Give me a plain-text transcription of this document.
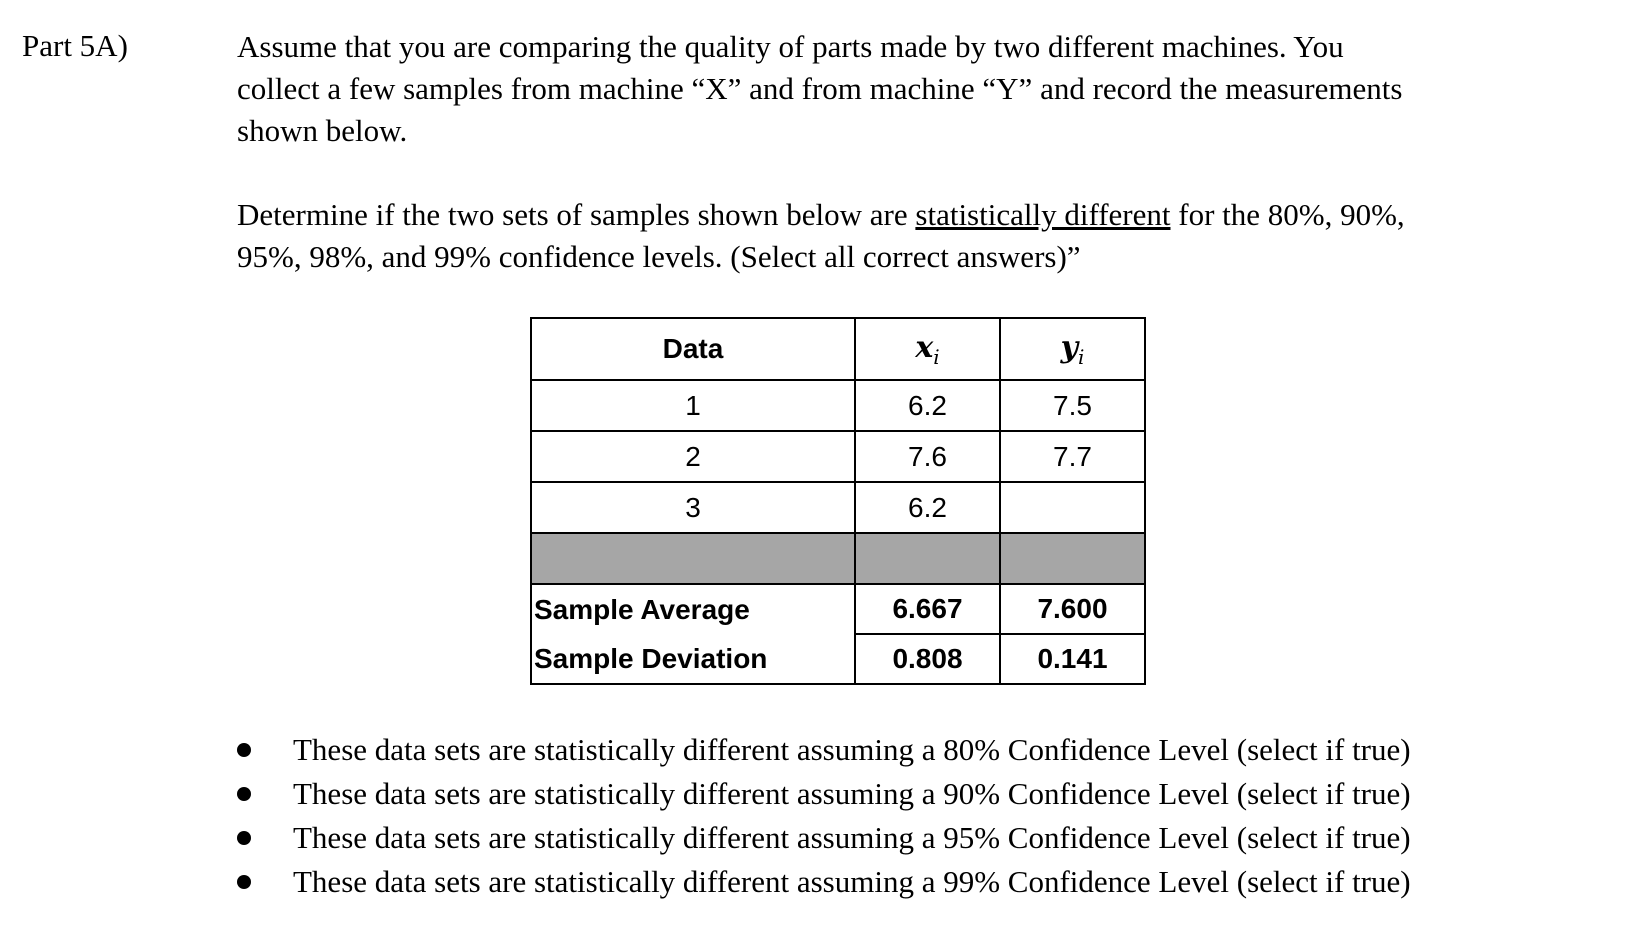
Part 5A)	Assume that you are comparing the quality of parts made by two different machines. You

collect a few samples from machine “X” and from machine “Y” and record the measurements

shown below.

Determine if the two sets of samples shown below are statistically different for the 80%, 90%,

95%, 98%, and 99% confidence levels. (Select all correct answers)”

Data	$x_i$	$y_i$
1	6.2	7.5
2	7.6	7.7
3	6.2	

Sample Average	6.667	7.600
Sample Deviation	0.808	0.141
These data sets are statistically different assuming a 80% Confidence Level (select if true)
These data sets are statistically different assuming a 90% Confidence Level (select if true)
These data sets are statistically different assuming a 95% Confidence Level (select if true)
These data sets are statistically different assuming a 99% Confidence Level (select if true)
